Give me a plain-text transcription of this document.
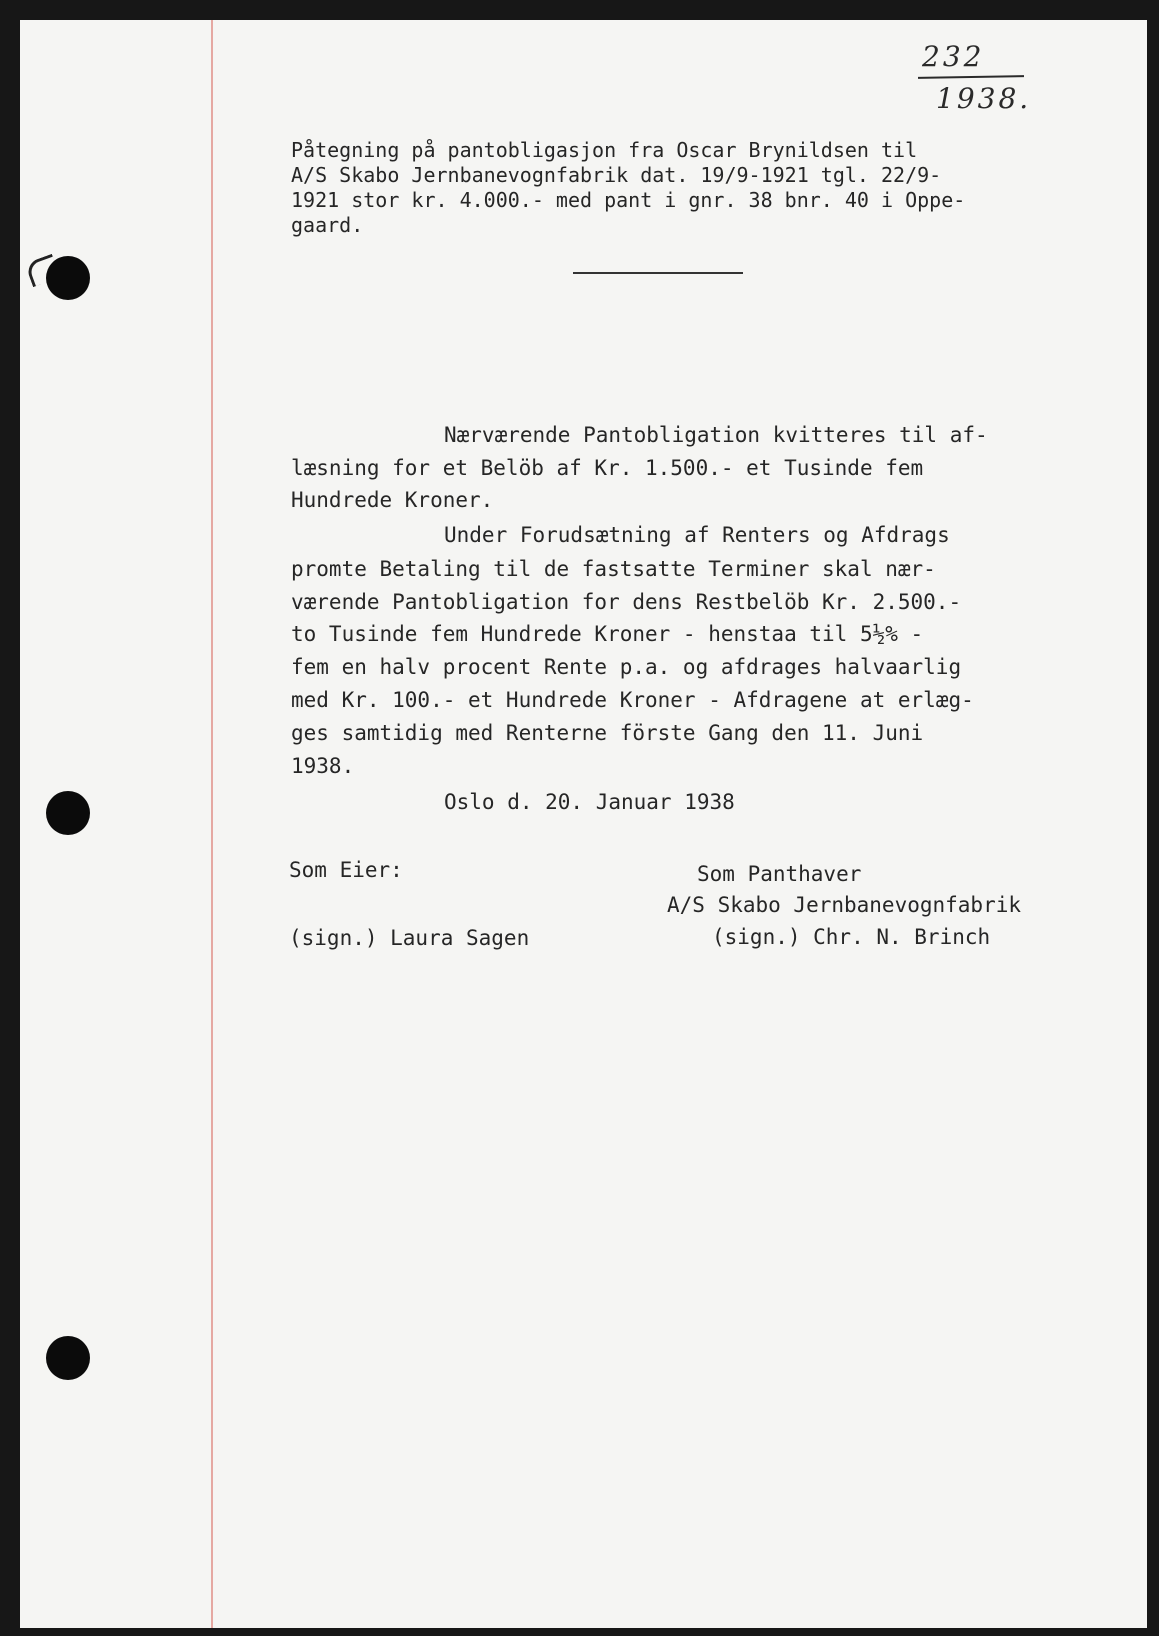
232
1938.
Påtegning på pantobligasjon fra Oscar Brynildsen til
A/S Skabo Jernbanevognfabrik dat. 19/9-1921 tgl. 22/9-
1921 stor kr. 4.000.- med pant i gnr. 38 bnr. 40 i Oppe-
gaard.
Nærværende Pantobligation kvitteres til af-
læsning for et Belöb af Kr. 1.500.- et Tusinde fem
Hundrede Kroner.
Under Forudsætning af Renters og Afdrags
promte Betaling til de fastsatte Terminer skal nær-
værende Pantobligation for dens Restbelöb Kr. 2.500.-
to Tusinde fem Hundrede Kroner - henstaa til 5½% -
fem en halv procent Rente p.a. og afdrages halvaarlig
med Kr. 100.- et Hundrede Kroner - Afdragene at erlæg-
ges samtidig med Renterne förste Gang den 11. Juni
1938.
Oslo d. 20. Januar 1938
Som Eier:
(sign.) Laura Sagen
Som Panthaver
A/S Skabo Jernbanevognfabrik
(sign.) Chr. N. Brinch
